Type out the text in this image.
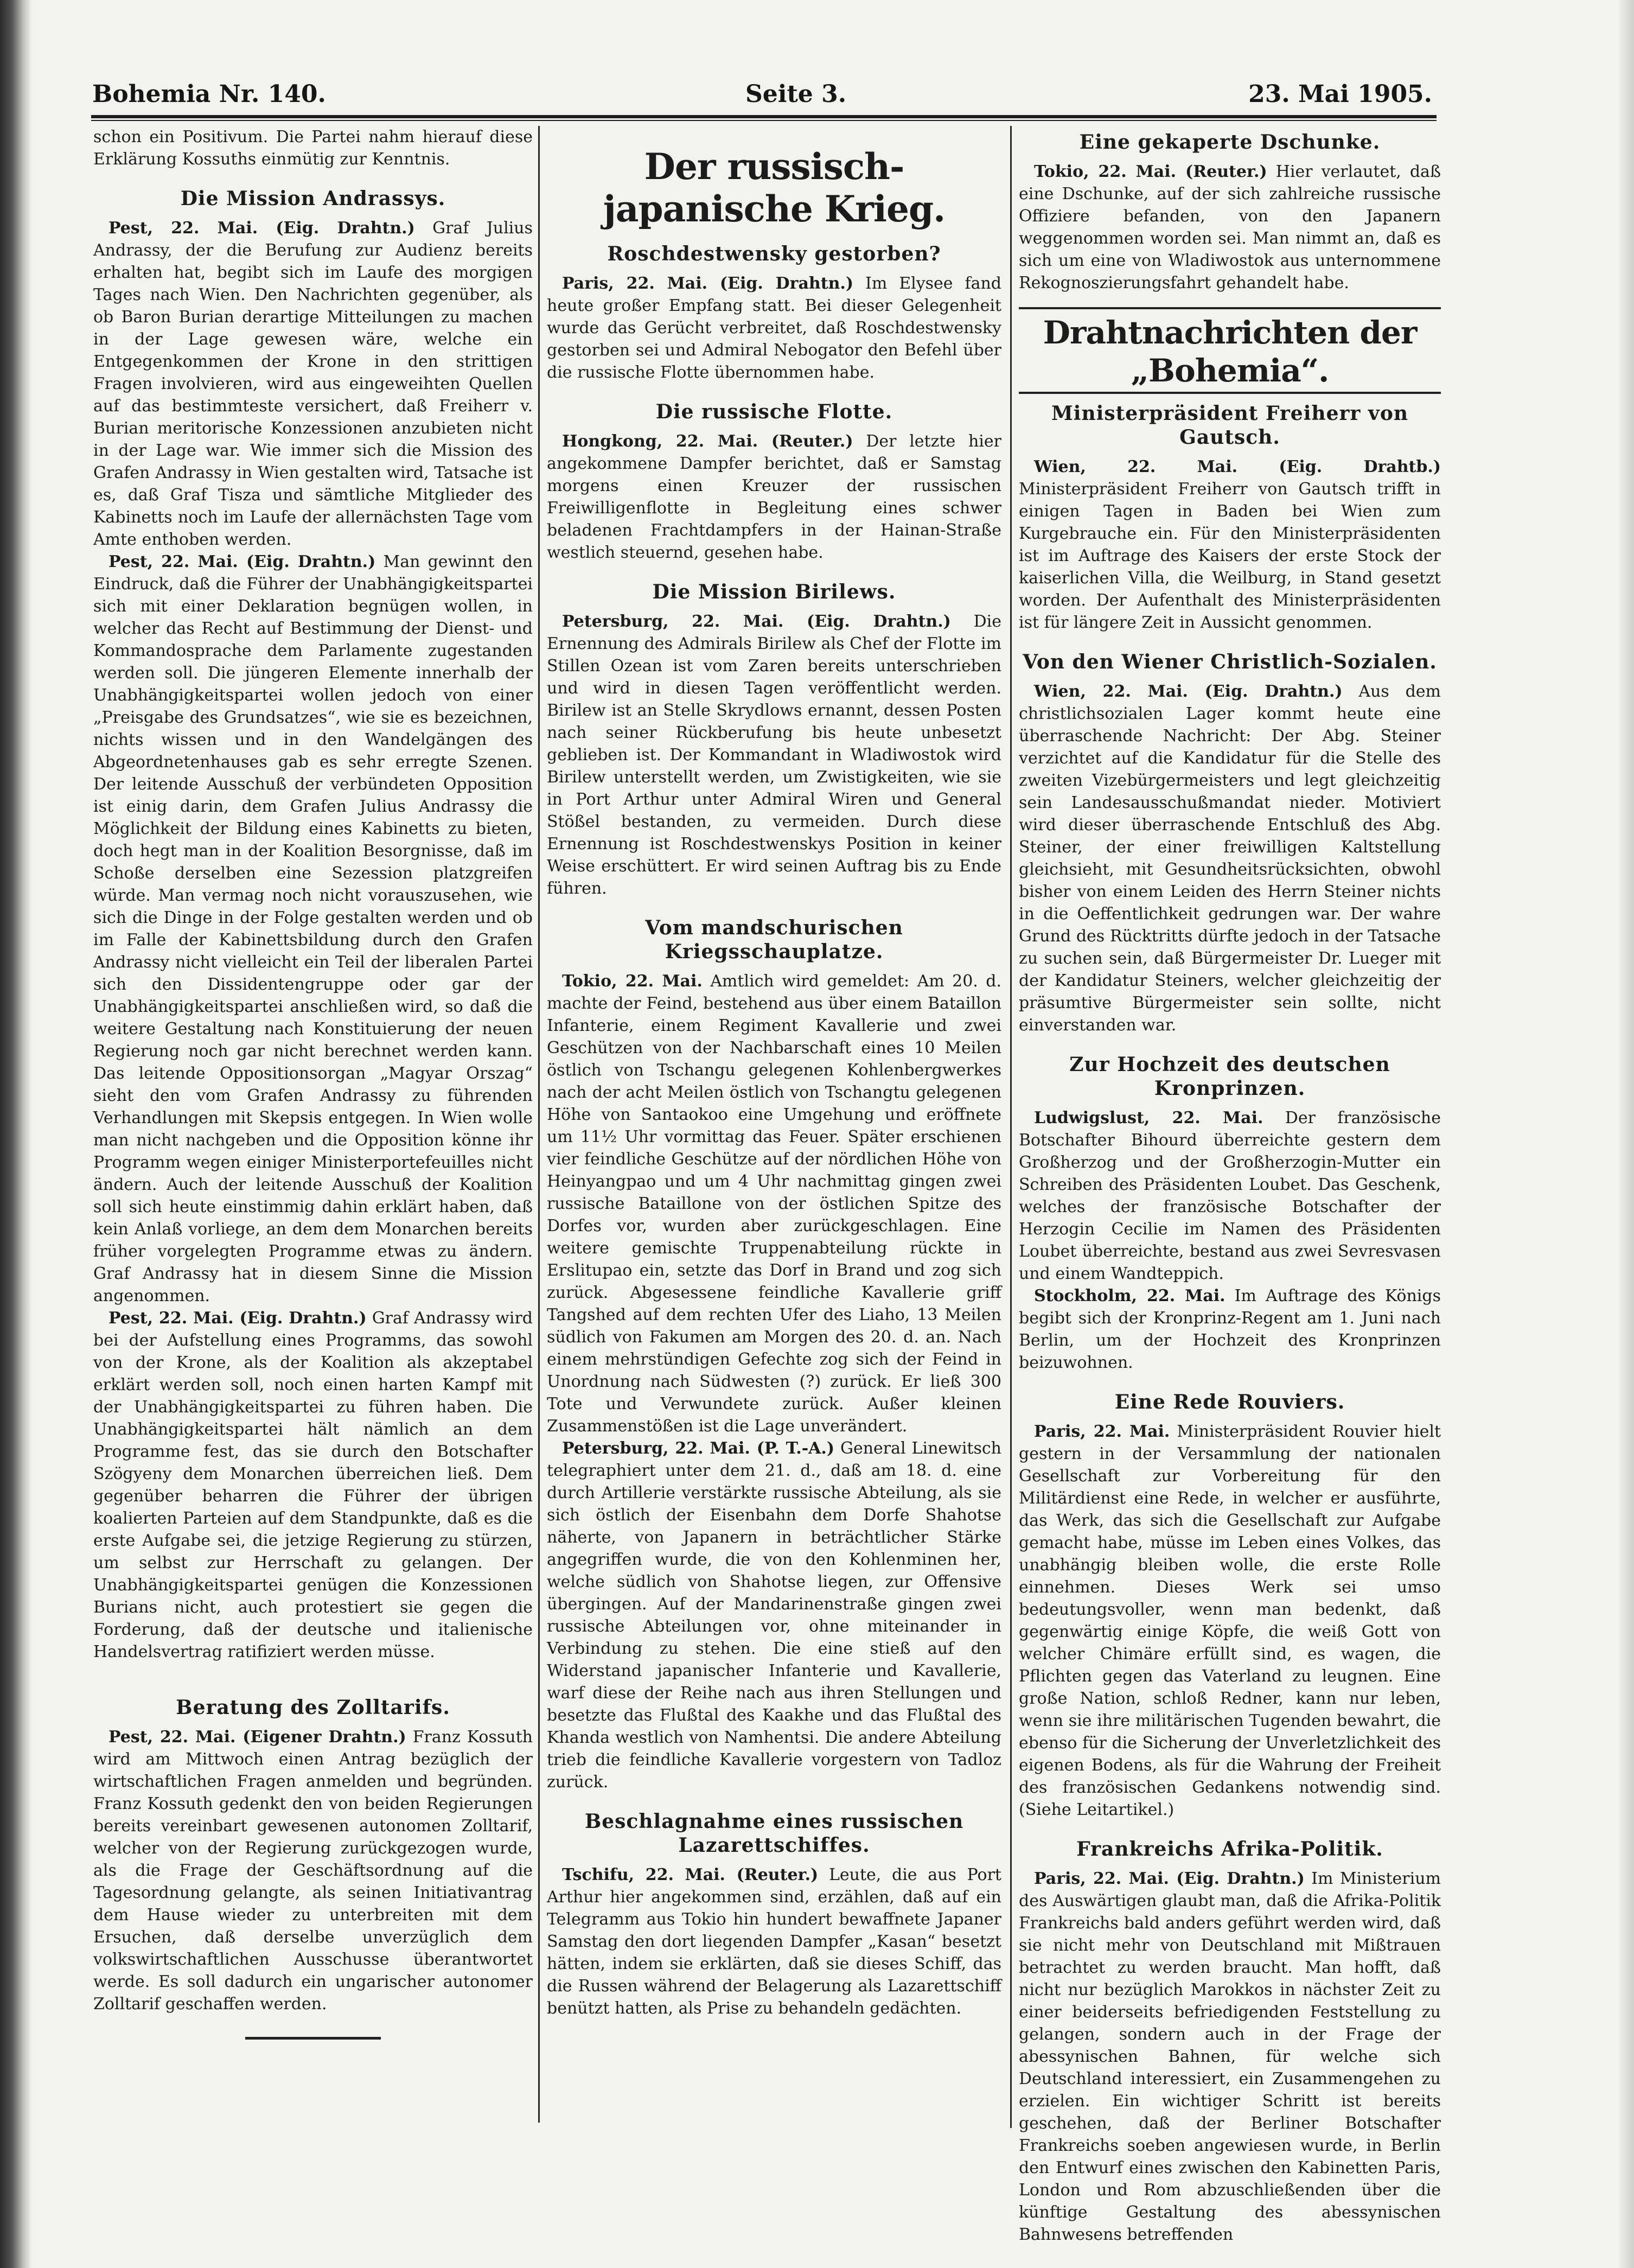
Bohemia Nr. 140.	Seite 3.	23. Mai 1905.

schon ein Positivum. Die Partei nahm hierauf diese Erklärung Kossuths einmütig zur Kenntnis.

Die Mission Andrassys.

Pest, 22. Mai. (Eig. Drahtn.) Graf Julius Andrassy, der die Berufung zur Audienz bereits erhalten hat, begibt sich im Laufe des morgigen Tages nach Wien. Den Nachrichten gegenüber, als ob Baron Burian derartige Mitteilungen zu machen in der Lage gewesen wäre, welche ein Entgegenkommen der Krone in den strittigen Fragen involvieren, wird aus eingeweihten Quellen auf das bestimmteste versichert, daß Freiherr v. Burian meritorische Konzessionen anzubieten nicht in der Lage war. Wie immer sich die Mission des Grafen Andrassy in Wien gestalten wird, Tatsache ist es, daß Graf Tisza und sämtliche Mitglieder des Kabinetts noch im Laufe der allernächsten Tage vom Amte enthoben werden.

Pest, 22. Mai. (Eig. Drahtn.) Man gewinnt den Eindruck, daß die Führer der Unabhängigkeitspartei sich mit einer Deklaration begnügen wollen, in welcher das Recht auf Bestimmung der Dienst- und Kommandosprache dem Parlamente zugestanden werden soll. Die jüngeren Elemente innerhalb der Unabhängigkeitspartei wollen jedoch von einer „Preisgabe des Grundsatzes“, wie sie es bezeichnen, nichts wissen und in den Wandelgängen des Abgeordnetenhauses gab es sehr erregte Szenen. Der leitende Ausschuß der verbündeten Opposition ist einig darin, dem Grafen Julius Andrassy die Möglichkeit der Bildung eines Kabinetts zu bieten, doch hegt man in der Koalition Besorgnisse, daß im Schoße derselben eine Sezession platzgreifen würde. Man vermag noch nicht vorauszusehen, wie sich die Dinge in der Folge gestalten werden und ob im Falle der Kabinettsbildung durch den Grafen Andrassy nicht vielleicht ein Teil der liberalen Partei sich den Dissidentengruppe oder gar der Unabhängigkeitspartei anschließen wird, so daß die weitere Gestaltung nach Konstituierung der neuen Regierung noch gar nicht berechnet werden kann. Das leitende Oppositionsorgan „Magyar Orszag“ sieht den vom Grafen Andrassy zu führenden Verhandlungen mit Skepsis entgegen. In Wien wolle man nicht nachgeben und die Opposition könne ihr Programm wegen einiger Ministerportefeuilles nicht ändern. Auch der leitende Ausschuß der Koalition soll sich heute einstimmig dahin erklärt haben, daß kein Anlaß vorliege, an dem dem Monarchen bereits früher vorgelegten Programme etwas zu ändern. Graf Andrassy hat in diesem Sinne die Mission angenommen.

Pest, 22. Mai. (Eig. Drahtn.) Graf Andrassy wird bei der Aufstellung eines Programms, das sowohl von der Krone, als der Koalition als akzeptabel erklärt werden soll, noch einen harten Kampf mit der Unabhängigkeitspartei zu führen haben. Die Unabhängigkeitspartei hält nämlich an dem Programme fest, das sie durch den Botschafter Szögyeny dem Monarchen überreichen ließ. Dem gegenüber beharren die Führer der übrigen koalierten Parteien auf dem Standpunkte, daß es die erste Aufgabe sei, die jetzige Regierung zu stürzen, um selbst zur Herrschaft zu gelangen. Der Unabhängigkeitspartei genügen die Konzessionen Burians nicht, auch protestiert sie gegen die Forderung, daß der deutsche und italienische Handelsvertrag ratifiziert werden müsse.

Beratung des Zolltarifs.

Pest, 22. Mai. (Eigener Drahtn.) Franz Kossuth wird am Mittwoch einen Antrag bezüglich der wirtschaftlichen Fragen anmelden und begründen. Franz Kossuth gedenkt den von beiden Regierungen bereits vereinbart gewesenen autonomen Zolltarif, welcher von der Regierung zurückgezogen wurde, als die Frage der Geschäftsordnung auf die Tagesordnung gelangte, als seinen Initiativantrag dem Hause wieder zu unterbreiten mit dem Ersuchen, daß derselbe unverzüglich dem volkswirtschaftlichen Ausschusse überantwortet werde. Es soll dadurch ein ungarischer autonomer Zolltarif geschaffen werden.

Der russisch-japanische Krieg.
Roschdestwensky gestorben?

Paris, 22. Mai. (Eig. Drahtn.) Im Elysee fand heute großer Empfang statt. Bei dieser Gelegenheit wurde das Gerücht verbreitet, daß Roschdestwensky gestorben sei und Admiral Nebogator den Befehl über die russische Flotte übernommen habe.

Die russische Flotte.

Hongkong, 22. Mai. (Reuter.) Der letzte hier angekommene Dampfer berichtet, daß er Samstag morgens einen Kreuzer der russischen Freiwilligenflotte in Begleitung eines schwer beladenen Frachtdampfers in der Hainan-Straße westlich steuernd, gesehen habe.

Die Mission Birilews.

Petersburg, 22. Mai. (Eig. Drahtn.) Die Ernennung des Admirals Birilew als Chef der Flotte im Stillen Ozean ist vom Zaren bereits unterschrieben und wird in diesen Tagen veröffentlicht werden. Birilew ist an Stelle Skrydlows ernannt, dessen Posten nach seiner Rückberufung bis heute unbesetzt geblieben ist. Der Kommandant in Wladiwostok wird Birilew unterstellt werden, um Zwistigkeiten, wie sie in Port Arthur unter Admiral Wiren und General Stößel bestanden, zu vermeiden. Durch diese Ernennung ist Roschdestwenskys Position in keiner Weise erschüttert. Er wird seinen Auftrag bis zu Ende führen.

Vom mandschurischen Kriegsschauplatze.

Tokio, 22. Mai. Amtlich wird gemeldet: Am 20. d. machte der Feind, bestehend aus über einem Bataillon Infanterie, einem Regiment Kavallerie und zwei Geschützen von der Nachbarschaft eines 10 Meilen östlich von Tschangu gelegenen Kohlenbergwerkes nach der acht Meilen östlich von Tschangtu gelegenen Höhe von Santaokoo eine Umgehung und eröffnete um 11½ Uhr vormittag das Feuer. Später erschienen vier feindliche Geschütze auf der nördlichen Höhe von Heinyangpao und um 4 Uhr nachmittag gingen zwei russische Bataillone von der östlichen Spitze des Dorfes vor, wurden aber zurückgeschlagen. Eine weitere gemischte Truppenabteilung rückte in Erslitupao ein, setzte das Dorf in Brand und zog sich zurück. Abgesessene feindliche Kavallerie griff Tangshed auf dem rechten Ufer des Liaho, 13 Meilen südlich von Fakumen am Morgen des 20. d. an. Nach einem mehrstündigen Gefechte zog sich der Feind in Unordnung nach Südwesten (?) zurück. Er ließ 300 Tote und Verwundete zurück. Außer kleinen Zusammenstößen ist die Lage unverändert.

Petersburg, 22. Mai. (P. T.-A.) General Linewitsch telegraphiert unter dem 21. d., daß am 18. d. eine durch Artillerie verstärkte russische Abteilung, als sie sich östlich der Eisenbahn dem Dorfe Shahotse näherte, von Japanern in beträchtlicher Stärke angegriffen wurde, die von den Kohlenminen her, welche südlich von Shahotse liegen, zur Offensive übergingen. Auf der Mandarinenstraße gingen zwei russische Abteilungen vor, ohne miteinander in Verbindung zu stehen. Die eine stieß auf den Widerstand japanischer Infanterie und Kavallerie, warf diese der Reihe nach aus ihren Stellungen und besetzte das Flußtal des Kaakhe und das Flußtal des Khanda westlich von Namhentsi. Die andere Abteilung trieb die feindliche Kavallerie vorgestern von Tadloz zurück.

Beschlagnahme eines russischen Lazarettschiffes.

Tschifu, 22. Mai. (Reuter.) Leute, die aus Port Arthur hier angekommen sind, erzählen, daß auf ein Telegramm aus Tokio hin hundert bewaffnete Japaner Samstag den dort liegenden Dampfer „Kasan“ besetzt hätten, indem sie erklärten, daß sie dieses Schiff, das die Russen während der Belagerung als Lazarettschiff benützt hatten, als Prise zu behandeln gedächten.

Eine gekaperte Dschunke.

Tokio, 22. Mai. (Reuter.) Hier verlautet, daß eine Dschunke, auf der sich zahlreiche russische Offiziere befanden, von den Japanern weggenommen worden sei. Man nimmt an, daß es sich um eine von Wladiwostok aus unternommene Rekognoszierungsfahrt gehandelt habe.

Drahtnachrichten der „Bohemia“.
Ministerpräsident Freiherr von Gautsch.

Wien, 22. Mai. (Eig. Drahtb.) Ministerpräsident Freiherr von Gautsch trifft in einigen Tagen in Baden bei Wien zum Kurgebrauche ein. Für den Ministerpräsidenten ist im Auftrage des Kaisers der erste Stock der kaiserlichen Villa, die Weilburg, in Stand gesetzt worden. Der Aufenthalt des Ministerpräsidenten ist für längere Zeit in Aussicht genommen.

Von den Wiener Christlich-Sozialen.

Wien, 22. Mai. (Eig. Drahtn.) Aus dem christlichsozialen Lager kommt heute eine überraschende Nachricht: Der Abg. Steiner verzichtet auf die Kandidatur für die Stelle des zweiten Vizebürgermeisters und legt gleichzeitig sein Landesausschußmandat nieder. Motiviert wird dieser überraschende Entschluß des Abg. Steiner, der einer freiwilligen Kaltstellung gleichsieht, mit Gesundheitsrücksichten, obwohl bisher von einem Leiden des Herrn Steiner nichts in die Oeffentlichkeit gedrungen war. Der wahre Grund des Rücktritts dürfte jedoch in der Tatsache zu suchen sein, daß Bürgermeister Dr. Lueger mit der Kandidatur Steiners, welcher gleichzeitig der präsumtive Bürgermeister sein sollte, nicht einverstanden war.

Zur Hochzeit des deutschen Kronprinzen.

Ludwigslust, 22. Mai. Der französische Botschafter Bihourd überreichte gestern dem Großherzog und der Großherzogin-Mutter ein Schreiben des Präsidenten Loubet. Das Geschenk, welches der französische Botschafter der Herzogin Cecilie im Namen des Präsidenten Loubet überreichte, bestand aus zwei Sevresvasen und einem Wandteppich.

Stockholm, 22. Mai. Im Auftrage des Königs begibt sich der Kronprinz-Regent am 1. Juni nach Berlin, um der Hochzeit des Kronprinzen beizuwohnen.

Eine Rede Rouviers.

Paris, 22. Mai. Ministerpräsident Rouvier hielt gestern in der Versammlung der nationalen Gesellschaft zur Vorbereitung für den Militärdienst eine Rede, in welcher er ausführte, das Werk, das sich die Gesellschaft zur Aufgabe gemacht habe, müsse im Leben eines Volkes, das unabhängig bleiben wolle, die erste Rolle einnehmen. Dieses Werk sei umso bedeutungsvoller, wenn man bedenkt, daß gegenwärtig einige Köpfe, die weiß Gott von welcher Chimäre erfüllt sind, es wagen, die Pflichten gegen das Vaterland zu leugnen. Eine große Nation, schloß Redner, kann nur leben, wenn sie ihre militärischen Tugenden bewahrt, die ebenso für die Sicherung der Unverletzlichkeit des eigenen Bodens, als für die Wahrung der Freiheit des französischen Gedankens notwendig sind. (Siehe Leitartikel.)

Frankreichs Afrika-Politik.

Paris, 22. Mai. (Eig. Drahtn.) Im Ministerium des Auswärtigen glaubt man, daß die Afrika-Politik Frankreichs bald anders geführt werden wird, daß sie nicht mehr von Deutschland mit Mißtrauen betrachtet zu werden braucht. Man hofft, daß nicht nur bezüglich Marokkos in nächster Zeit zu einer beiderseits befriedigenden Feststellung zu gelangen, sondern auch in der Frage der abessynischen Bahnen, für welche sich Deutschland interessiert, ein Zusammengehen zu erzielen. Ein wichtiger Schritt ist bereits geschehen, daß der Berliner Botschafter Frankreichs soeben angewiesen wurde, in Berlin den Entwurf eines zwischen den Kabinetten Paris, London und Rom abzuschließenden über die künftige Gestaltung des abessynischen Bahnwesens betreffenden
